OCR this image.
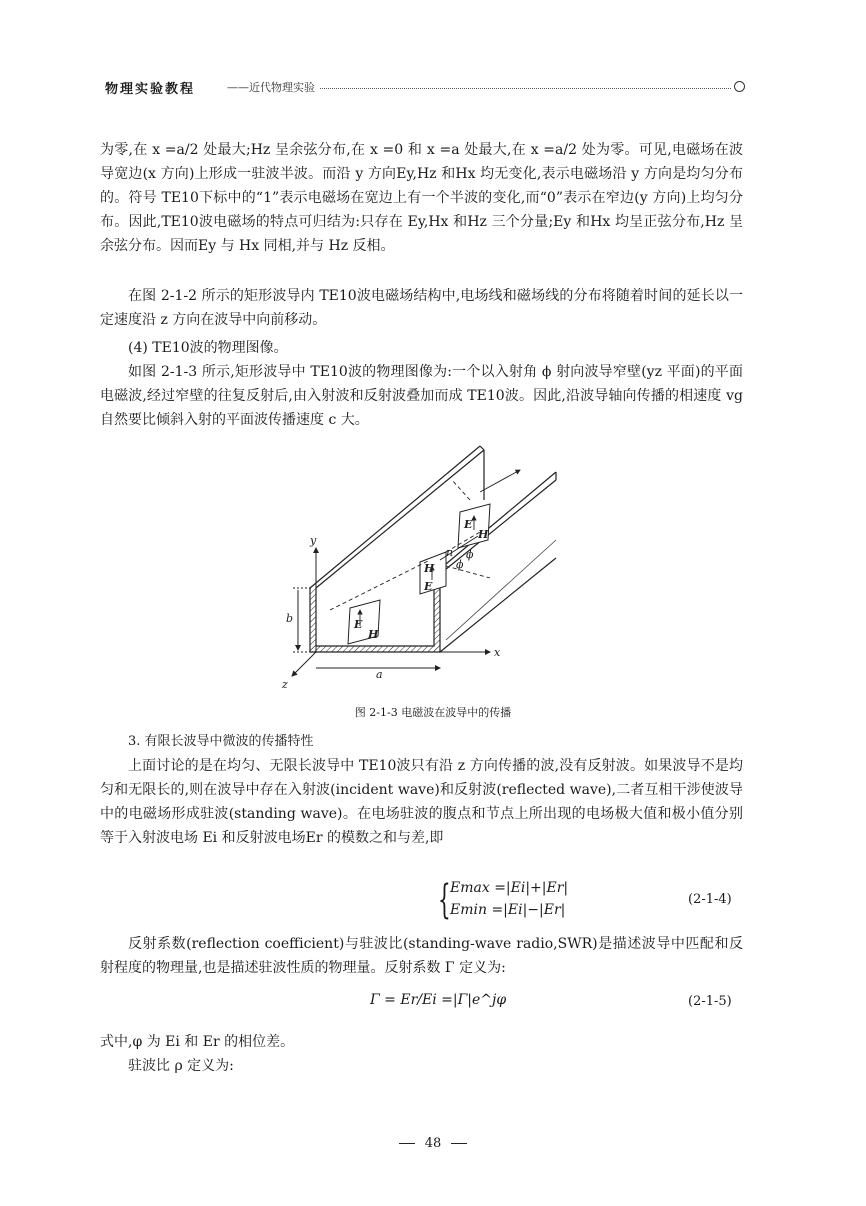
物理实验教程	——近代物理实验

为零,在 x =a/2 处最大;Hz 呈余弦分布,在 x =0 和 x =a 处最大,在 x =a/2 处为零。可见,电磁场在波导宽边(x 方向)上形成一驻波半波。而沿 y 方向Ey,Hz 和Hx 均无变化,表示电磁场沿 y 方向是均匀分布的。符号 TE10下标中的“1”表示电磁场在宽边上有一个半波的变化,而“0”表示在窄边(y 方向)上均匀分布。因此,TE10波电磁场的特点可归结为:只存在 Ey,Hx 和Hz 三个分量;Ey 和Hx 均呈正弦分布,Hz 呈余弦分布。因而Ey 与 Hx 同相,并与 Hz 反相。

在图 2-1-2 所示的矩形波导内 TE10波电磁场结构中,电场线和磁场线的分布将随着时间的延长以一定速度沿 z 方向在波导中向前移动。

(4) TE10波的物理图像。

如图 2-1-3 所示,矩形波导中 TE10波的物理图像为:一个以入射角 ϕ 射向波导窄壁(yz 平面)的平面电磁波,经过窄壁的往复反射后,由入射波和反射波叠加而成 TE10波。因此,沿波导轴向传播的相速度 vg 自然要比倾斜入射的平面波传播速度 c 大。

y
x
z
a
b	E
H
H
E
E
H
n ϕ
ϕ
图 2-1-3 电磁波在波导中的传播

3. 有限长波导中微波的传播特性

上面讨论的是在均匀、无限长波导中 TE10波只有沿 z 方向传播的波,没有反射波。如果波导不是均匀和无限长的,则在波导中存在入射波(incident wave)和反射波(reflected wave),二者互相干涉使波导中的电磁场形成驻波(standing wave)。在电场驻波的腹点和节点上所出现的电场极大值和极小值分别等于入射波电场 Ei 和反射波电场Er 的模数之和与差,即

{ Emax =|Ei|+|Er|
Emin =|Ei|−|Er|
(2-1-4)

反射系数(reflection coefficient)与驻波比(standing-wave radio,SWR)是描述波导中匹配和反射程度的物理量,也是描述驻波性质的物理量。反射系数 Γ 定义为:

Γ = Er/Ei =|Γ|e^jφ	(2-1-5)

式中,φ 为 Ei 和 Er 的相位差。

驻波比 ρ 定义为:

48
